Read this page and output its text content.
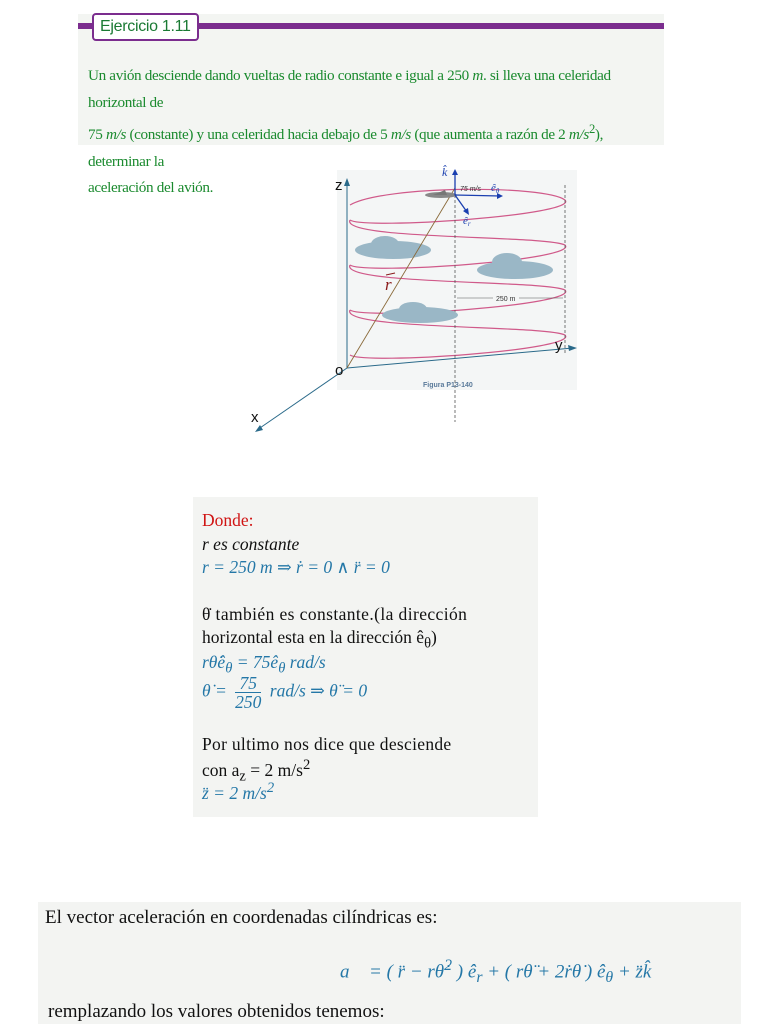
Ejercicio 1.11
Un avión desciende dando vueltas de radio constante e igual a 250 m. si lleva una celeridad horizontal de
75 m/s (constante) y una celeridad hacia debajo de 5 m/s (que aumenta a razón de 2 $m/s^2$), determinar la
aceleración del avión.	z
x
y
o
r
k̂
75 m/s êθ
êr
250 m
Figura P13-140
Donde:
r es constante
r = 250 m ⇒ ṙ = 0 ∧ r̈ = 0
θ̇ también es constante.(la dirección
horizontal esta en la dirección $ê_\theta$)
$r\thetȧê_\theta$ = $75ê_\theta$ rad/s
θ̇ = $\frac{75}{250} rad/s$ ⇒ θ̈ = 0
Por ultimo nos dice que desciende
con $a_z = 2$ $m/s^2$
z̈ = 2 $m/s^2$
El vector aceleración en coordenadas cilíndricas es:
a⃗ = ( r̈ − rθ̇$^2$ ) $ê_r$ + ( rθ̈ + 2ṙθ̇ ) $ê_\theta$ + z̈k̂
remplazando los valores obtenidos tenemos:
